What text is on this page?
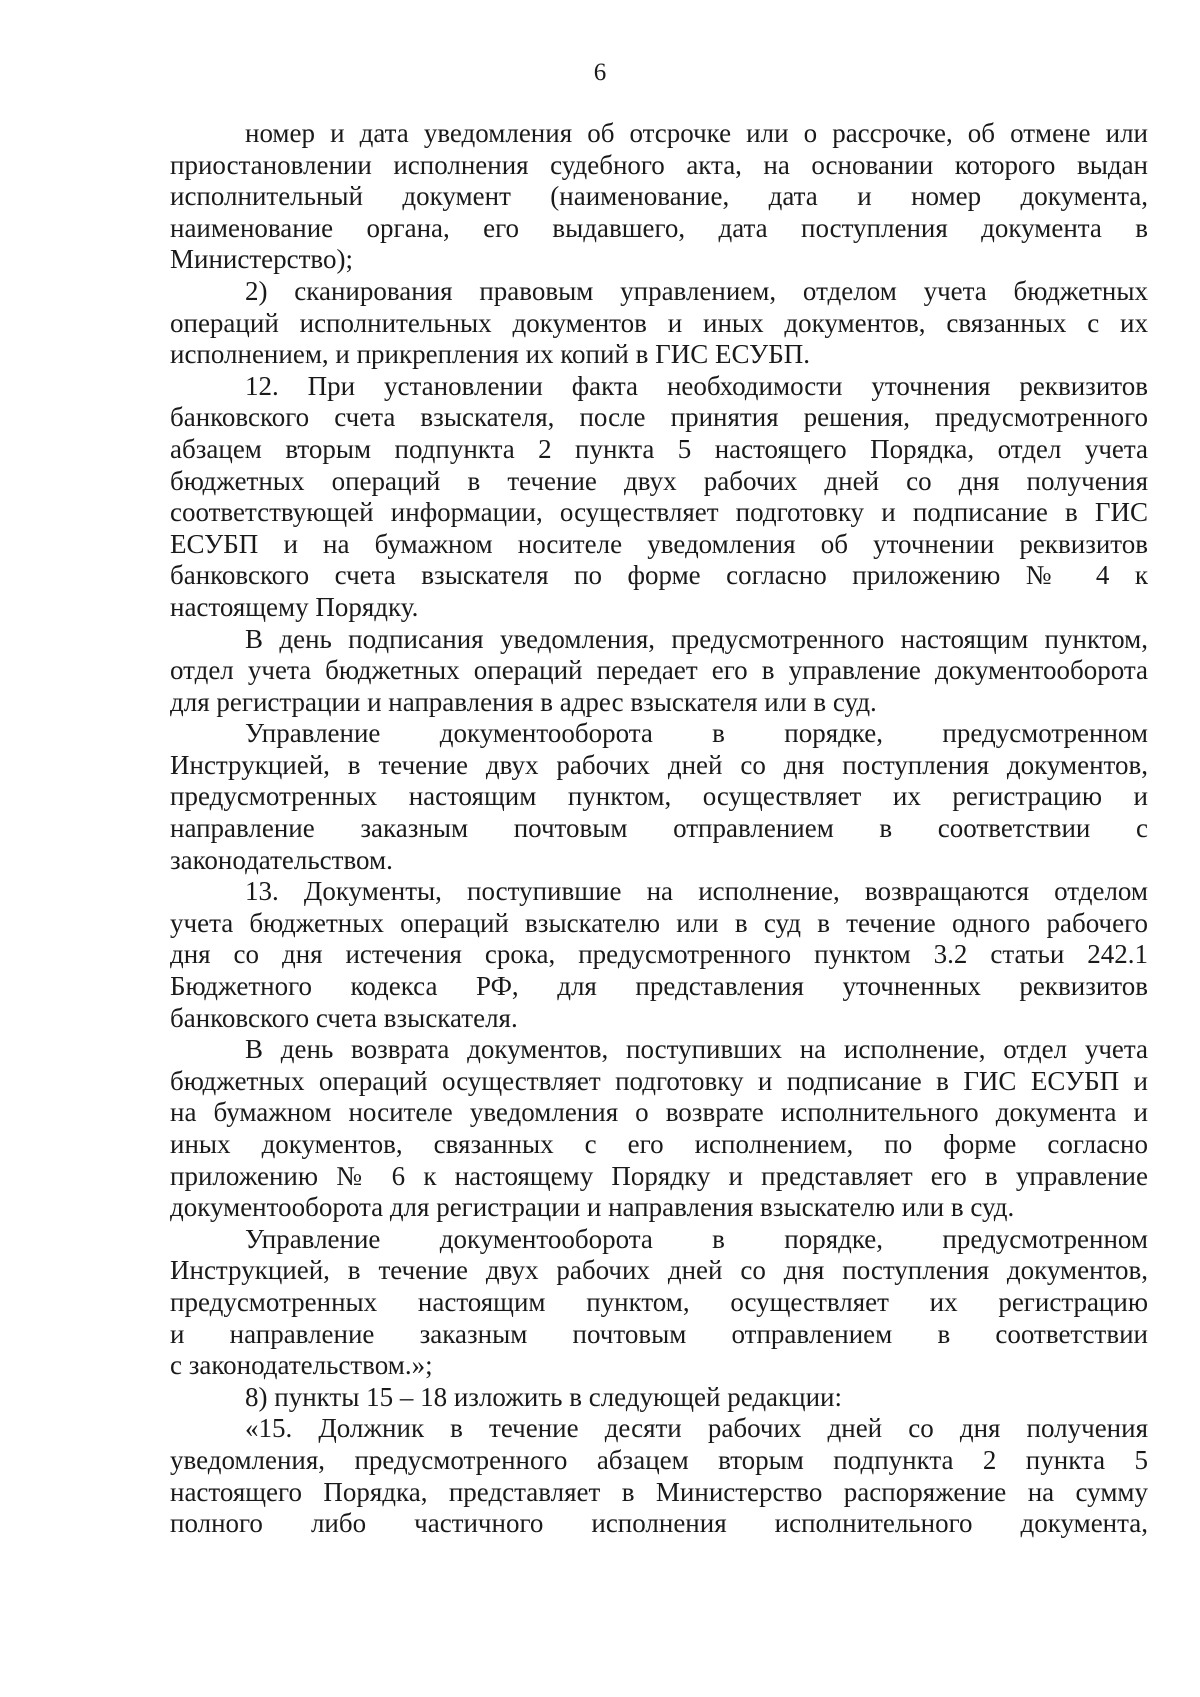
6

номер и дата уведомления об отсрочке или о рассрочке, об отмене или
приостановлении исполнения судебного акта, на основании которого выдан
исполнительный документ (наименование, дата и номер документа,
наименование органа, его выдавшего, дата поступления документа в
Министерство);

2) сканирования правовым управлением, отделом учета бюджетных
операций исполнительных документов и иных документов, связанных с их
исполнением, и прикрепления их копий в ГИС ЕСУБП.

12. При установлении факта необходимости уточнения реквизитов
банковского счета взыскателя, после принятия решения, предусмотренного
абзацем вторым подпункта 2 пункта 5 настоящего Порядка, отдел учета
бюджетных операций в течение двух рабочих дней со дня получения
соответствующей информации, осуществляет подготовку и подписание в ГИС
ЕСУБП и на бумажном носителе уведомления об уточнении реквизитов
банковского счета взыскателя по форме согласно приложению № 4 к
настоящему Порядку.

В день подписания уведомления, предусмотренного настоящим пунктом,
отдел учета бюджетных операций передает его в управление документооборота
для регистрации и направления в адрес взыскателя или в суд.

Управление документооборота в порядке, предусмотренном
Инструкцией, в течение двух рабочих дней со дня поступления документов,
предусмотренных настоящим пунктом, осуществляет их регистрацию и
направление заказным почтовым отправлением в соответствии с
законодательством.

13. Документы, поступившие на исполнение, возвращаются отделом
учета бюджетных операций взыскателю или в суд в течение одного рабочего
дня со дня истечения срока, предусмотренного пунктом 3.2 статьи 242.1
Бюджетного кодекса РФ, для представления уточненных реквизитов
банковского счета взыскателя.

В день возврата документов, поступивших на исполнение, отдел учета
бюджетных операций осуществляет подготовку и подписание в ГИС ЕСУБП и
на бумажном носителе уведомления о возврате исполнительного документа и
иных документов, связанных с его исполнением, по форме согласно
приложению № 6 к настоящему Порядку и представляет его в управление
документооборота для регистрации и направления взыскателю или в суд.

Управление документооборота в порядке, предусмотренном
Инструкцией, в течение двух рабочих дней со дня поступления документов,
предусмотренных настоящим пунктом, осуществляет их регистрацию
и направление заказным почтовым отправлением в соответствии
с законодательством.»;

8) пункты 15 – 18 изложить в следующей редакции:

«15. Должник в течение десяти рабочих дней со дня получения
уведомления, предусмотренного абзацем вторым подпункта 2 пункта 5
настоящего Порядка, представляет в Министерство распоряжение на сумму
полного либо частичного исполнения исполнительного документа,
